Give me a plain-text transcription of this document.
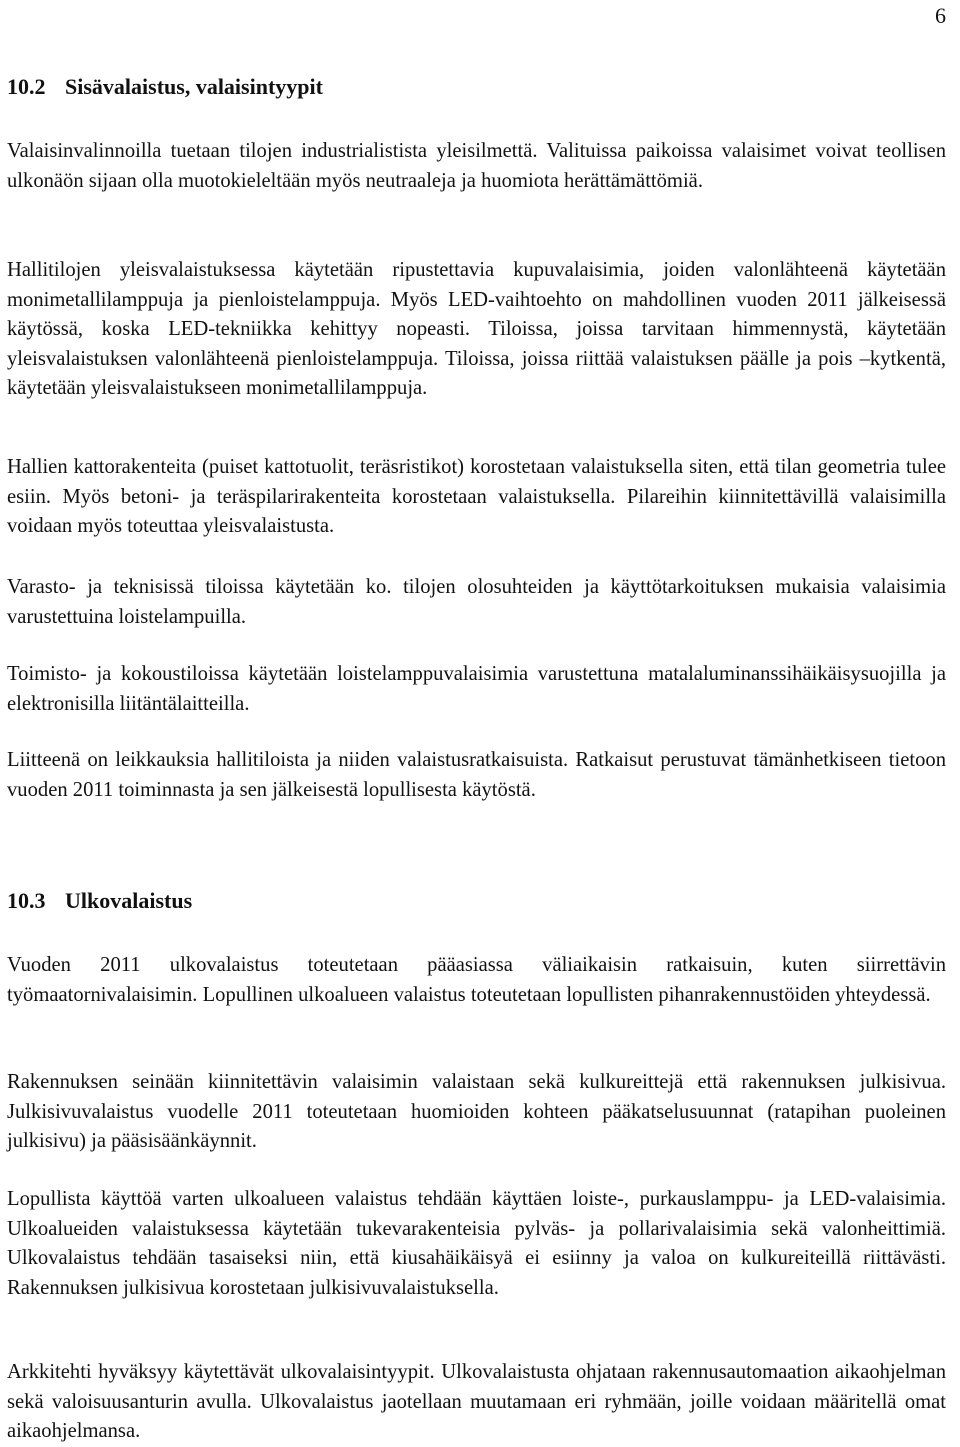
6
10.2 Sisävalaistus, valaisintyypit

Valaisinvalinnoilla tuetaan tilojen industrialistista yleisilmettä. Valituissa paikoissa valaisimet voivat teollisen ulkonäön sijaan olla muotokieleltään myös neutraaleja ja huomiota herättämättömiä.

Hallitilojen yleisvalaistuksessa käytetään ripustettavia kupuvalaisimia, joiden valonlähteenä käytetään monimetallilamppuja ja pienloistelamppuja. Myös LED-vaihtoehto on mahdollinen vuoden 2011 jälkeisessä käytössä, koska LED-tekniikka kehittyy nopeasti. Tiloissa, joissa tarvitaan himmennystä, käytetään yleisvalaistuksen valonlähteenä pienloistelamppuja. Tiloissa, joissa riittää valaistuksen päälle ja pois –kytkentä, käytetään yleisvalaistukseen monimetallilamppuja.

Hallien kattorakenteita (puiset kattotuolit, teräsristikot) korostetaan valaistuksella siten, että tilan geometria tulee esiin. Myös betoni- ja teräspilarirakenteita korostetaan valaistuksella. Pilareihin kiinnitettävillä valaisimilla voidaan myös toteuttaa yleisvalaistusta.

Varasto- ja teknisissä tiloissa käytetään ko. tilojen olosuhteiden ja käyttötarkoituksen mukaisia valaisimia varustettuina loistelampuilla.

Toimisto- ja kokoustiloissa käytetään loistelamppuvalaisimia varustettuna matalaluminanssihäikäisysuojilla ja elektronisilla liitäntälaitteilla.

Liitteenä on leikkauksia hallitiloista ja niiden valaistusratkaisuista. Ratkaisut perustuvat tämänhetkiseen tietoon vuoden 2011 toiminnasta ja sen jälkeisestä lopullisesta käytöstä.

10.3 Ulkovalaistus

Vuoden 2011 ulkovalaistus toteutetaan pääasiassa väliaikaisin ratkaisuin, kuten siirrettävin työmaatornivalaisimin. Lopullinen ulkoalueen valaistus toteutetaan lopullisten pihanrakennustöiden yhteydessä.

Rakennuksen seinään kiinnitettävin valaisimin valaistaan sekä kulkureittejä että rakennuksen julkisivua. Julkisivuvalaistus vuodelle 2011 toteutetaan huomioiden kohteen pääkatselusuunnat (ratapihan puoleinen julkisivu) ja pääsisäänkäynnit.

Lopullista käyttöä varten ulkoalueen valaistus tehdään käyttäen loiste-, purkauslamppu- ja LED-valaisimia. Ulkoalueiden valaistuksessa käytetään tukevarakenteisia pylväs- ja pollarivalaisimia sekä valonheittimiä. Ulkovalaistus tehdään tasaiseksi niin, että kiusahäikäisyä ei esiinny ja valoa on kulkureiteillä riittävästi. Rakennuksen julkisivua korostetaan julkisivuvalaistuksella.

Arkkitehti hyväksyy käytettävät ulkovalaisintyypit. Ulkovalaistusta ohjataan rakennusautomaation aikaohjelman sekä valoisuusanturin avulla. Ulkovalaistus jaotellaan muutamaan eri ryhmään, joille voidaan määritellä omat aikaohjelmansa.
